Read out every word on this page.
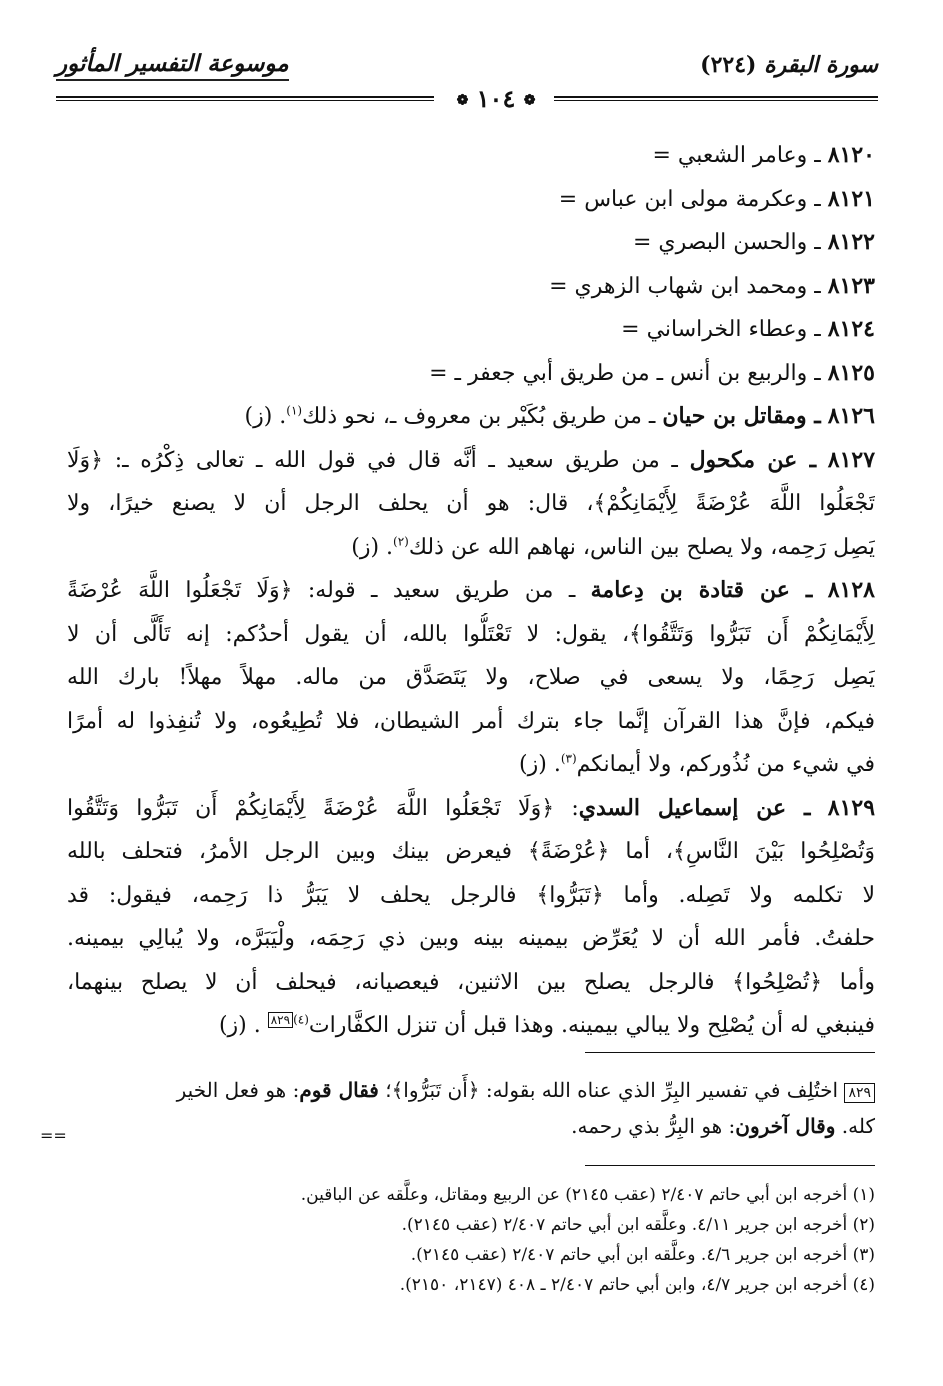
سورة البقرة (٢٢٤)
موسوعة التفسير المأثور
❁ ١٠٤ ❁
٨١٢٠ ـ وعامر الشعبي =
٨١٢١ ـ وعكرمة مولى ابن عباس =
٨١٢٢ ـ والحسن البصري =
٨١٢٣ ـ ومحمد ابن شهاب الزهري =
٨١٢٤ ـ وعطاء الخراساني =
٨١٢٥ ـ والربيع بن أنس ـ من طريق أبي جعفر ـ =
٨١٢٦ ـ ومقاتل بن حيان ـ من طريق بُكَيْر بن معروف ـ، نحو ذلك$^{(١)}$. (ز)
٨١٢٧ ـ عن مكحول ـ من طريق سعيد ـ أنَّه قال في قول الله ـ تعالى ذِكْرُه ـ: ﴿وَلَا
تَجْعَلُوا اللَّهَ عُرْضَةً لِأَيْمَانِكُمْ﴾، قال: هو أن يحلف الرجل أن لا يصنع خيرًا، ولا
يَصِل رَحِمه، ولا يصلح بين الناس، نهاهم الله عن ذلك$^{(٢)}$. (ز)
٨١٢٨ ـ عن قتادة بن دِعامة ـ من طريق سعيد ـ قوله: ﴿وَلَا تَجْعَلُوا اللَّهَ عُرْضَةً
لِأَيْمَانِكُمْ أَن تَبَرُّوا وَتَتَّقُوا﴾، يقول: لا تَعْتَلُّوا بالله، أن يقول أحدُكم: إنه تَأَلَّى أن لا
يَصِل رَحِمًا، ولا يسعى في صلاح، ولا يَتَصَدَّق من ماله. مهلاً مهلاً! بارك الله
فيكم، فإنَّ هذا القرآن إنَّما جاء بترك أمر الشيطان، فلا تُطِيعُوه، ولا تُنفِذوا له أمرًا
في شيء من نُذُوركم، ولا أيمانكم$^{(٣)}$. (ز)
٨١٢٩ ـ عن إسماعيل السدي: ﴿وَلَا تَجْعَلُوا اللَّهَ عُرْضَةً لِأَيْمَانِكُمْ أَن تَبَرُّوا وَتَتَّقُوا
وَتُصْلِحُوا بَيْنَ النَّاسِ﴾، أما ﴿عُرْضَةً﴾ فيعرض بينك وبين الرجل الأمرُ، فتحلف بالله
لا تكلمه ولا تَصِله. وأما ﴿تَبَرُّوا﴾ فالرجل يحلف لا يَبَرُّ ذا رَحِمه، فيقول: قد
حلفتُ. فأمر الله أن لا يُعَرِّض بيمينه بينه وبين ذي رَحِمَه، ولْيَبَرَّه، ولا يُبالِي بيمينه.
وأما ﴿تُصْلِحُوا﴾ فالرجل يصلح بين الاثنين، فيعصيانه، فيحلف أن لا يصلح بينهما،
فينبغي له أن يُصْلِح ولا يبالي بيمينه. وهذا قبل أن تنزل الكفَّارات$^{(٤)}$٨٢٩ . (ز)
٨٢٩ اختُلِف في تفسير البِرِّ الذي عناه الله بقوله: ﴿أَن تَبَرُّوا﴾؛ فقال قوم: هو فعل الخير
كله. وقال آخرون: هو البِرُّ بذي رحمه.
==
(١) أخرجه ابن أبي حاتم ٢/٤٠٧ (عقب ٢١٤٥) عن الربيع ومقاتل، وعلَّقه عن الباقين.
(٢) أخرجه ابن جرير ٤/١١. وعلَّقه ابن أبي حاتم ٢/٤٠٧ (عقب ٢١٤٥).
(٣) أخرجه ابن جرير ٤/٦. وعلَّقه ابن أبي حاتم ٢/٤٠٧ (عقب ٢١٤٥).
(٤) أخرجه ابن جرير ٤/٧، وابن أبي حاتم ٢/٤٠٧ ـ ٤٠٨ (٢١٤٧، ٢١٥٠).
